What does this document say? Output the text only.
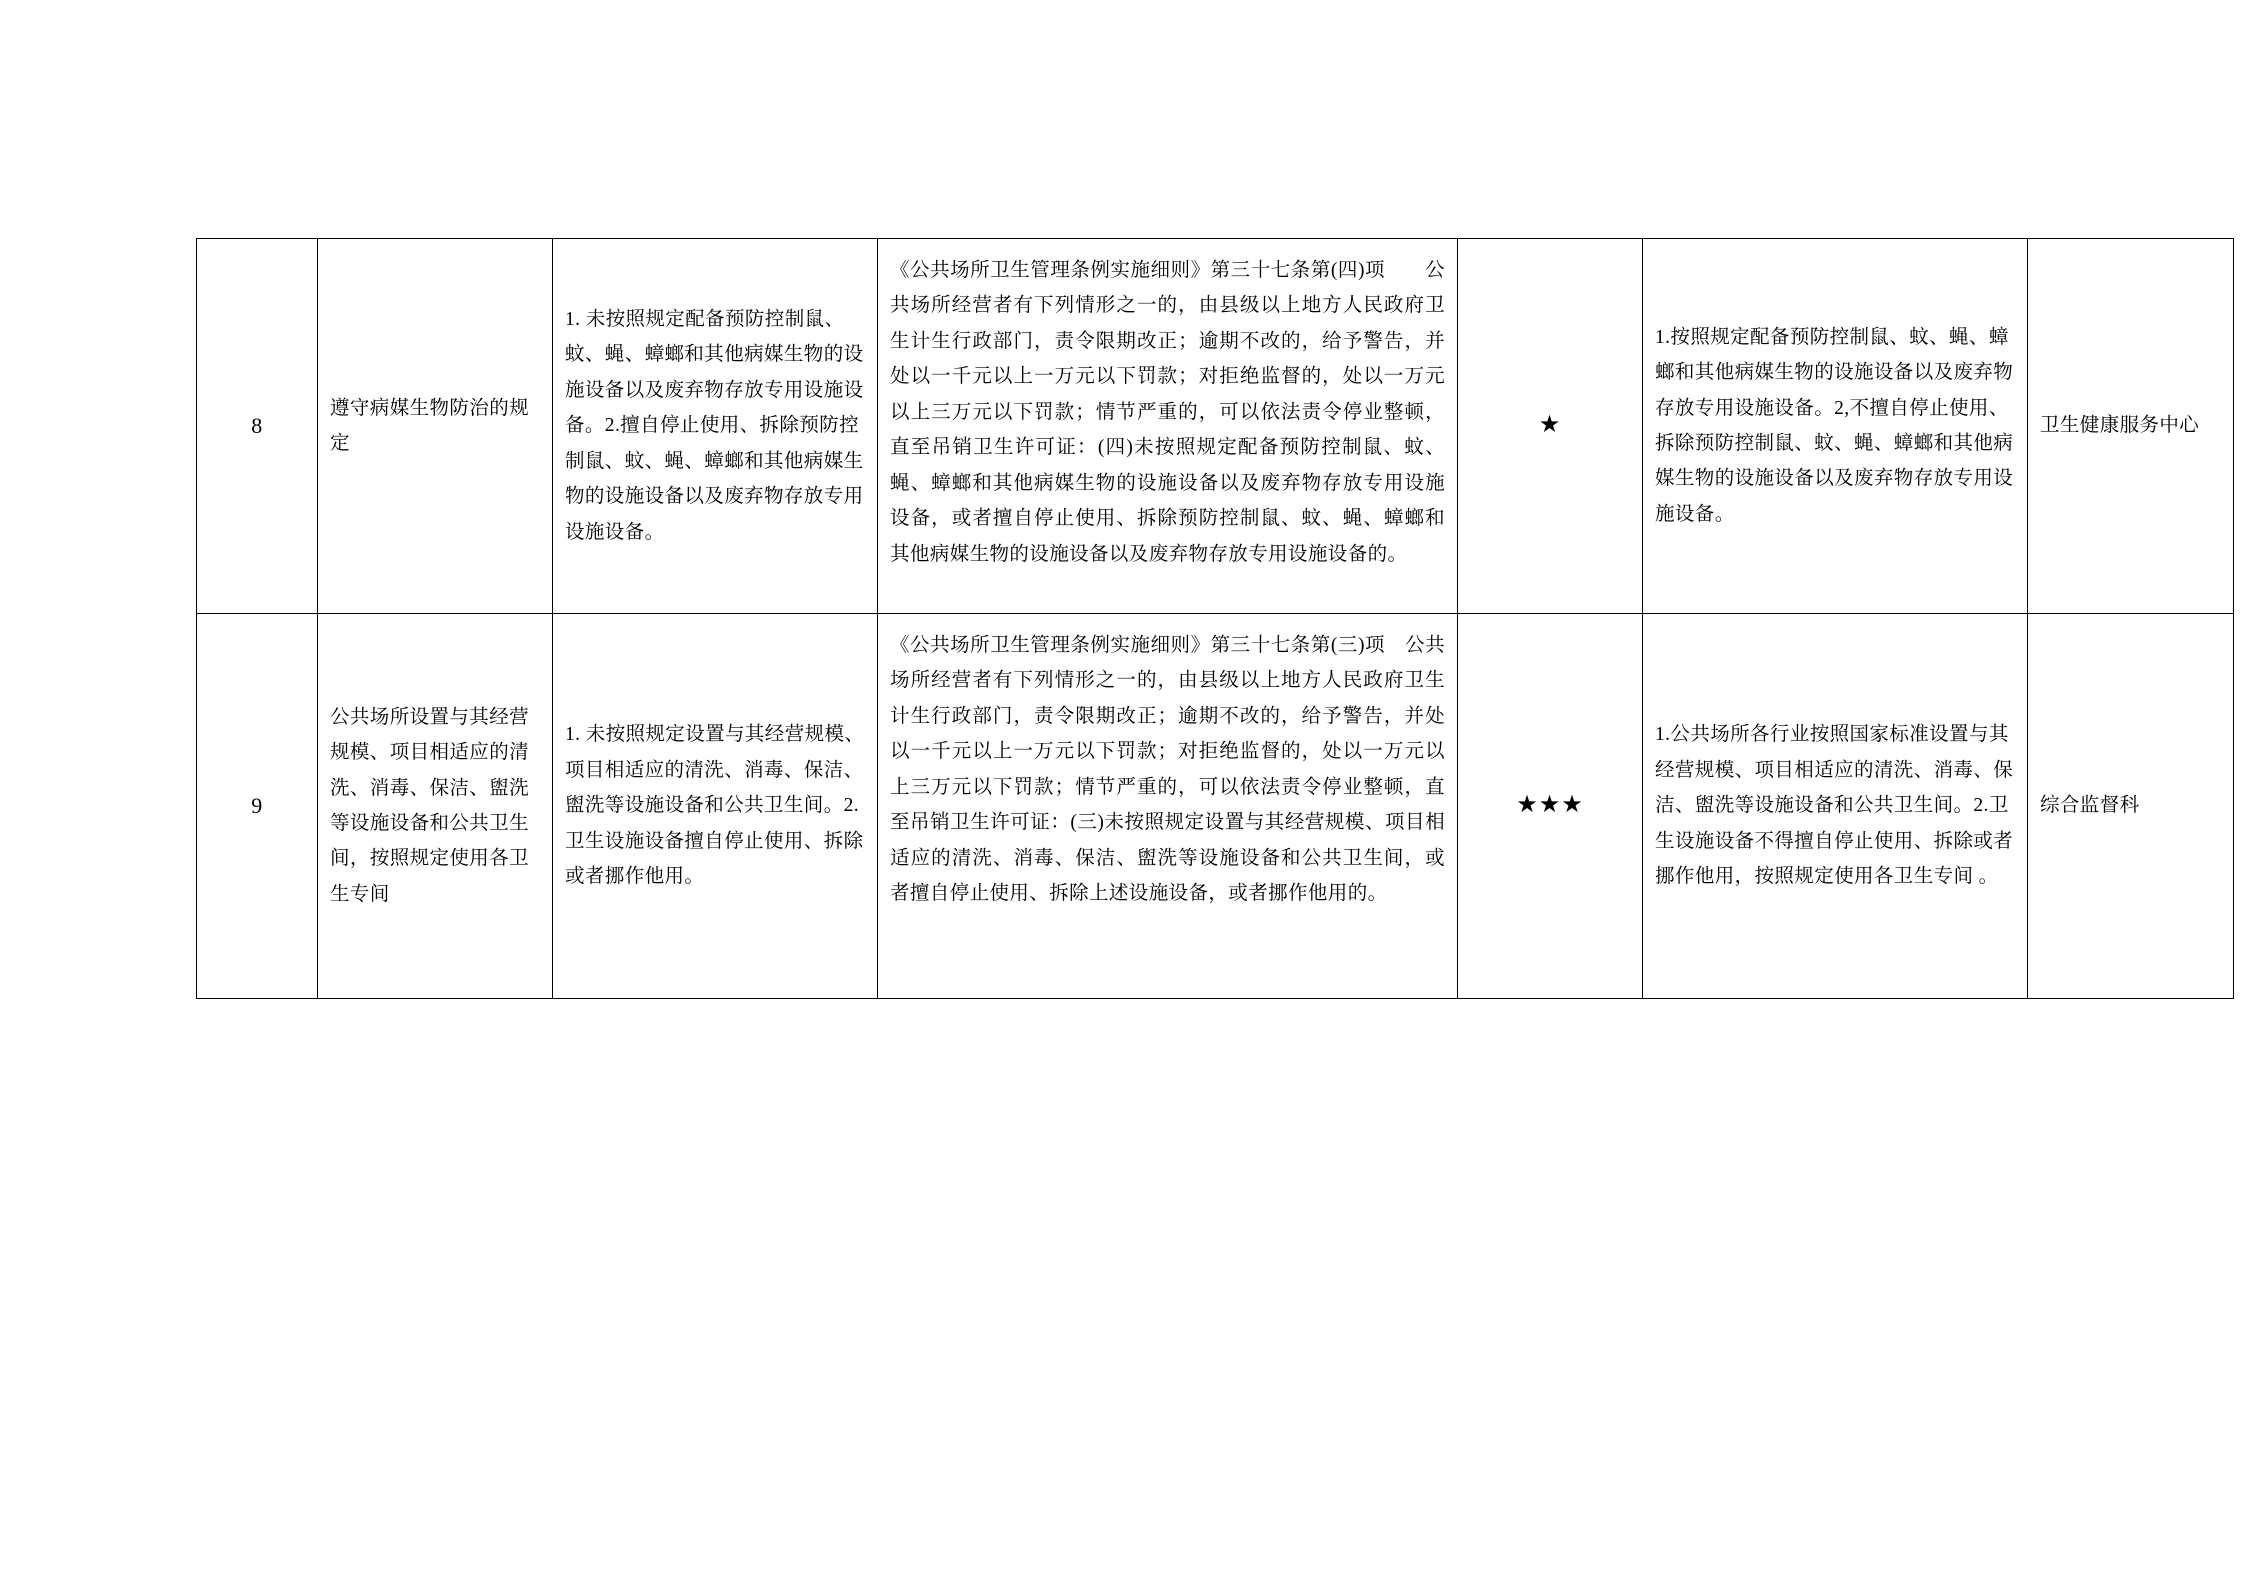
8	遵守病媒生物防治的规定	1. 未按照规定配备预防控制鼠、蚊、蝇、蟑螂和其他病媒生物的设施设备以及废弃物存放专用设施设备。2.擅自停止使用、拆除预防控制鼠、蚊、蝇、蟑螂和其他病媒生物的设施设备以及废弃物存放专用设施设备。	《公共场所卫生管理条例实施细则》第三十七条第(四)项　　公共场所经营者有下列情形之一的，由县级以上地方人民政府卫生计生行政部门，责令限期改正；逾期不改的，给予警告，并处以一千元以上一万元以下罚款；对拒绝监督的，处以一万元以上三万元以下罚款；情节严重的，可以依法责令停业整顿，直至吊销卫生许可证：(四)未按照规定配备预防控制鼠、蚊、蝇、蟑螂和其他病媒生物的设施设备以及废弃物存放专用设施设备，或者擅自停止使用、拆除预防控制鼠、蚊、蝇、蟑螂和其他病媒生物的设施设备以及废弃物存放专用设施设备的。	★	1.按照规定配备预防控制鼠、蚊、蝇、蟑螂和其他病媒生物的设施设备以及废弃物存放专用设施设备。2,不擅自停止使用、拆除预防控制鼠、蚊、蝇、蟑螂和其他病媒生物的设施设备以及废弃物存放专用设施设备。	卫生健康服务中心

9	公共场所设置与其经营规模、项目相适应的清洗、消毒、保洁、盥洗等设施设备和公共卫生间，按照规定使用各卫生专间	1. 未按照规定设置与其经营规模、项目相适应的清洗、消毒、保洁、盥洗等设施设备和公共卫生间。2.卫生设施设备擅自停止使用、拆除或者挪作他用。	《公共场所卫生管理条例实施细则》第三十七条第(三)项　公共场所经营者有下列情形之一的，由县级以上地方人民政府卫生计生行政部门，责令限期改正；逾期不改的，给予警告，并处以一千元以上一万元以下罚款；对拒绝监督的，处以一万元以上三万元以下罚款；情节严重的，可以依法责令停业整顿，直至吊销卫生许可证：(三)未按照规定设置与其经营规模、项目相适应的清洗、消毒、保洁、盥洗等设施设备和公共卫生间，或者擅自停止使用、拆除上述设施设备，或者挪作他用的。	★★★	1.公共场所各行业按照国家标准设置与其经营规模、项目相适应的清洗、消毒、保洁、盥洗等设施设备和公共卫生间。2.卫生设施设备不得擅自停止使用、拆除或者挪作他用，按照规定使用各卫生专间 。	综合监督科
